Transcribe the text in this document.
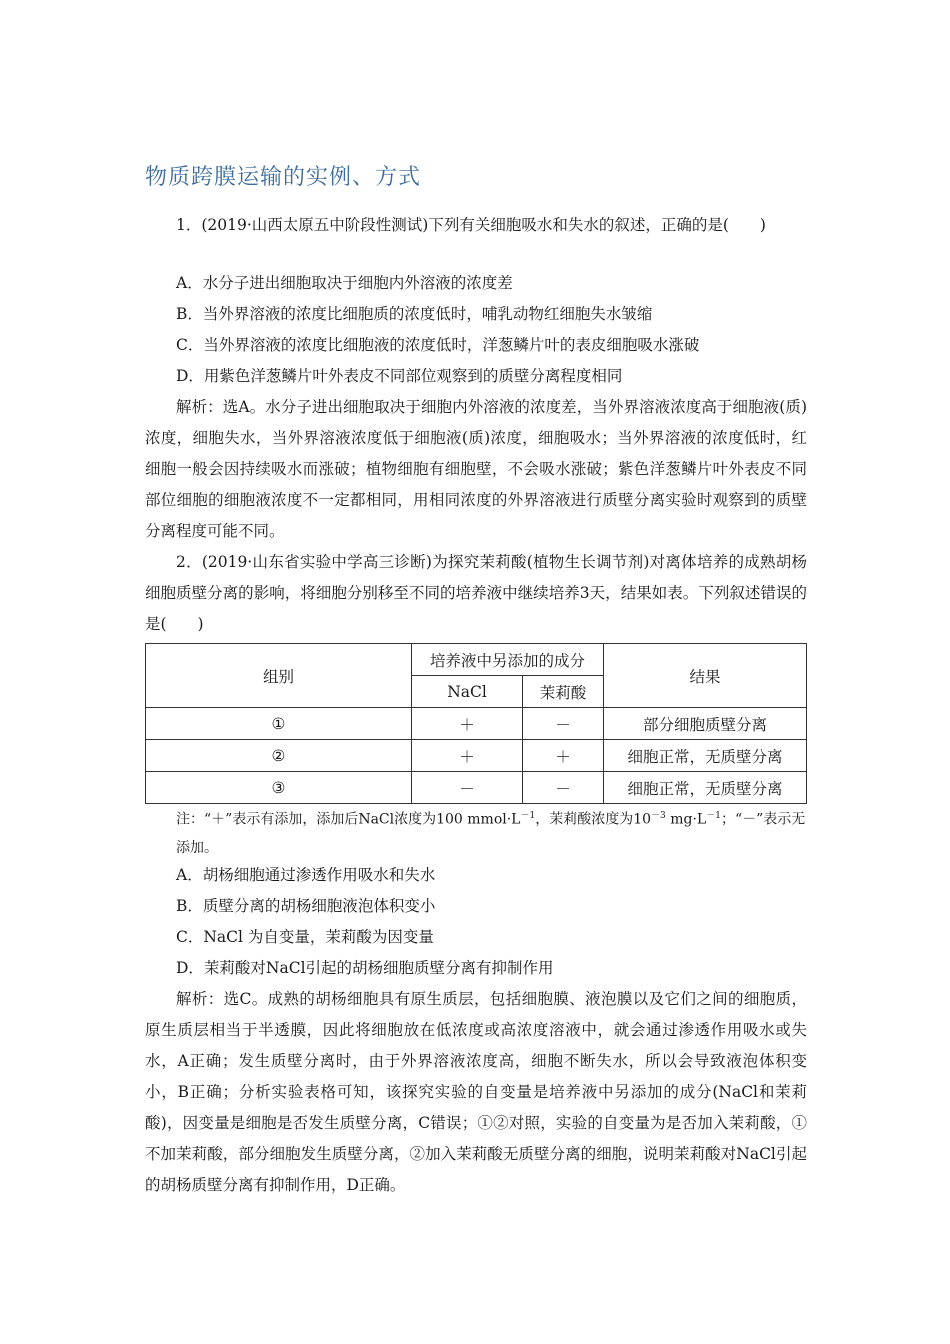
物质跨膜运输的实例、方式

1．(2019·山西太原五中阶段性测试)下列有关细胞吸水和失水的叙述，正确的是(　　)

A．水分子进出细胞取决于细胞内外溶液的浓度差

B．当外界溶液的浓度比细胞质的浓度低时，哺乳动物红细胞失水皱缩

C．当外界溶液的浓度比细胞液的浓度低时，洋葱鳞片叶的表皮细胞吸水涨破

D．用紫色洋葱鳞片叶外表皮不同部位观察到的质壁分离程度相同

解析：选A。水分子进出细胞取决于细胞内外溶液的浓度差，当外界溶液浓度高于细胞液(质)浓度，细胞失水，当外界溶液浓度低于细胞液(质)浓度，细胞吸水；当外界溶液的浓度低时，红细胞一般会因持续吸水而涨破；植物细胞有细胞壁，不会吸水涨破；紫色洋葱鳞片叶外表皮不同部位细胞的细胞液浓度不一定都相同，用相同浓度的外界溶液进行质壁分离实验时观察到的质壁分离程度可能不同。

2．(2019·山东省实验中学高三诊断)为探究茉莉酸(植物生长调节剂)对离体培养的成熟胡杨细胞质壁分离的影响，将细胞分别移至不同的培养液中继续培养3天，结果如表。下列叙述错误的是(　　)

组别	培养液中另添加的成分		结果
	NaCl	茉莉酸	
①	＋	－	部分细胞质壁分离
②	＋	＋	细胞正常，无质壁分离
③	－	－	细胞正常，无质壁分离

注：“＋”表示有添加，添加后NaCl浓度为100 $mmol\cdot L^{-1}$，茉莉酸浓度为$10^{-3}$ $mg\cdot L^{-1}$；“－”表示无添加。

A．胡杨细胞通过渗透作用吸水和失水

B．质壁分离的胡杨细胞液泡体积变小

C．NaCl 为自变量，茉莉酸为因变量

D．茉莉酸对NaCl引起的胡杨细胞质壁分离有抑制作用

解析：选C。成熟的胡杨细胞具有原生质层，包括细胞膜、液泡膜以及它们之间的细胞质，原生质层相当于半透膜，因此将细胞放在低浓度或高浓度溶液中，就会通过渗透作用吸水或失水，A正确；发生质壁分离时，由于外界溶液浓度高，细胞不断失水，所以会导致液泡体积变小，B正确；分析实验表格可知，该探究实验的自变量是培养液中另添加的成分(NaCl和茉莉酸)，因变量是细胞是否发生质壁分离，C错误；①②对照，实验的自变量为是否加入茉莉酸，①不加茉莉酸，部分细胞发生质壁分离，②加入茉莉酸无质壁分离的细胞，说明茉莉酸对NaCl引起的胡杨质壁分离有抑制作用，D正确。
